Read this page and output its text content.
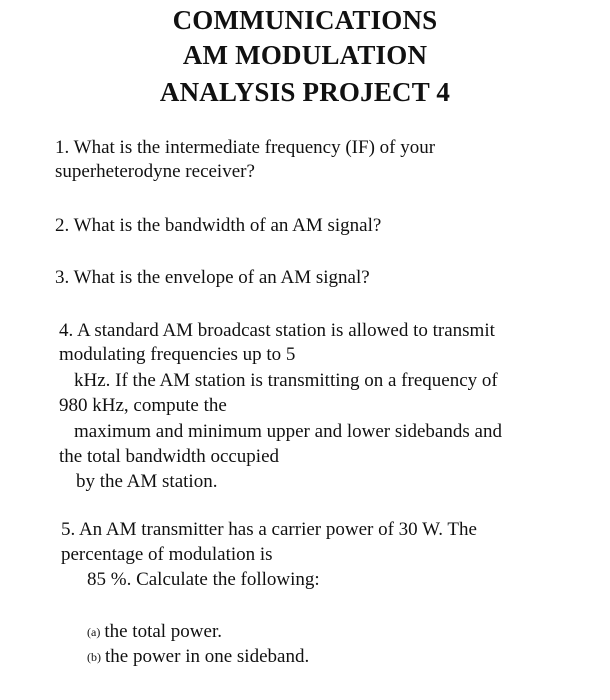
COMMUNICATIONS
AM MODULATION
ANALYSIS PROJECT 4
1. What is the intermediate frequency (IF) of your
superheterodyne receiver?
2. What is the bandwidth of an AM signal?
3. What is the envelope of an AM signal?
4. A standard AM broadcast station is allowed to transmit
modulating frequencies up to 5
kHz. If the AM station is transmitting on a frequency of
980 kHz, compute the
maximum and minimum upper and lower sidebands and
the total bandwidth occupied
by the AM station.
5. An AM transmitter has a carrier power of 30 W. The
percentage of modulation is
85 %. Calculate the following:
(a) the total power.
(b) the power in one sideband.
